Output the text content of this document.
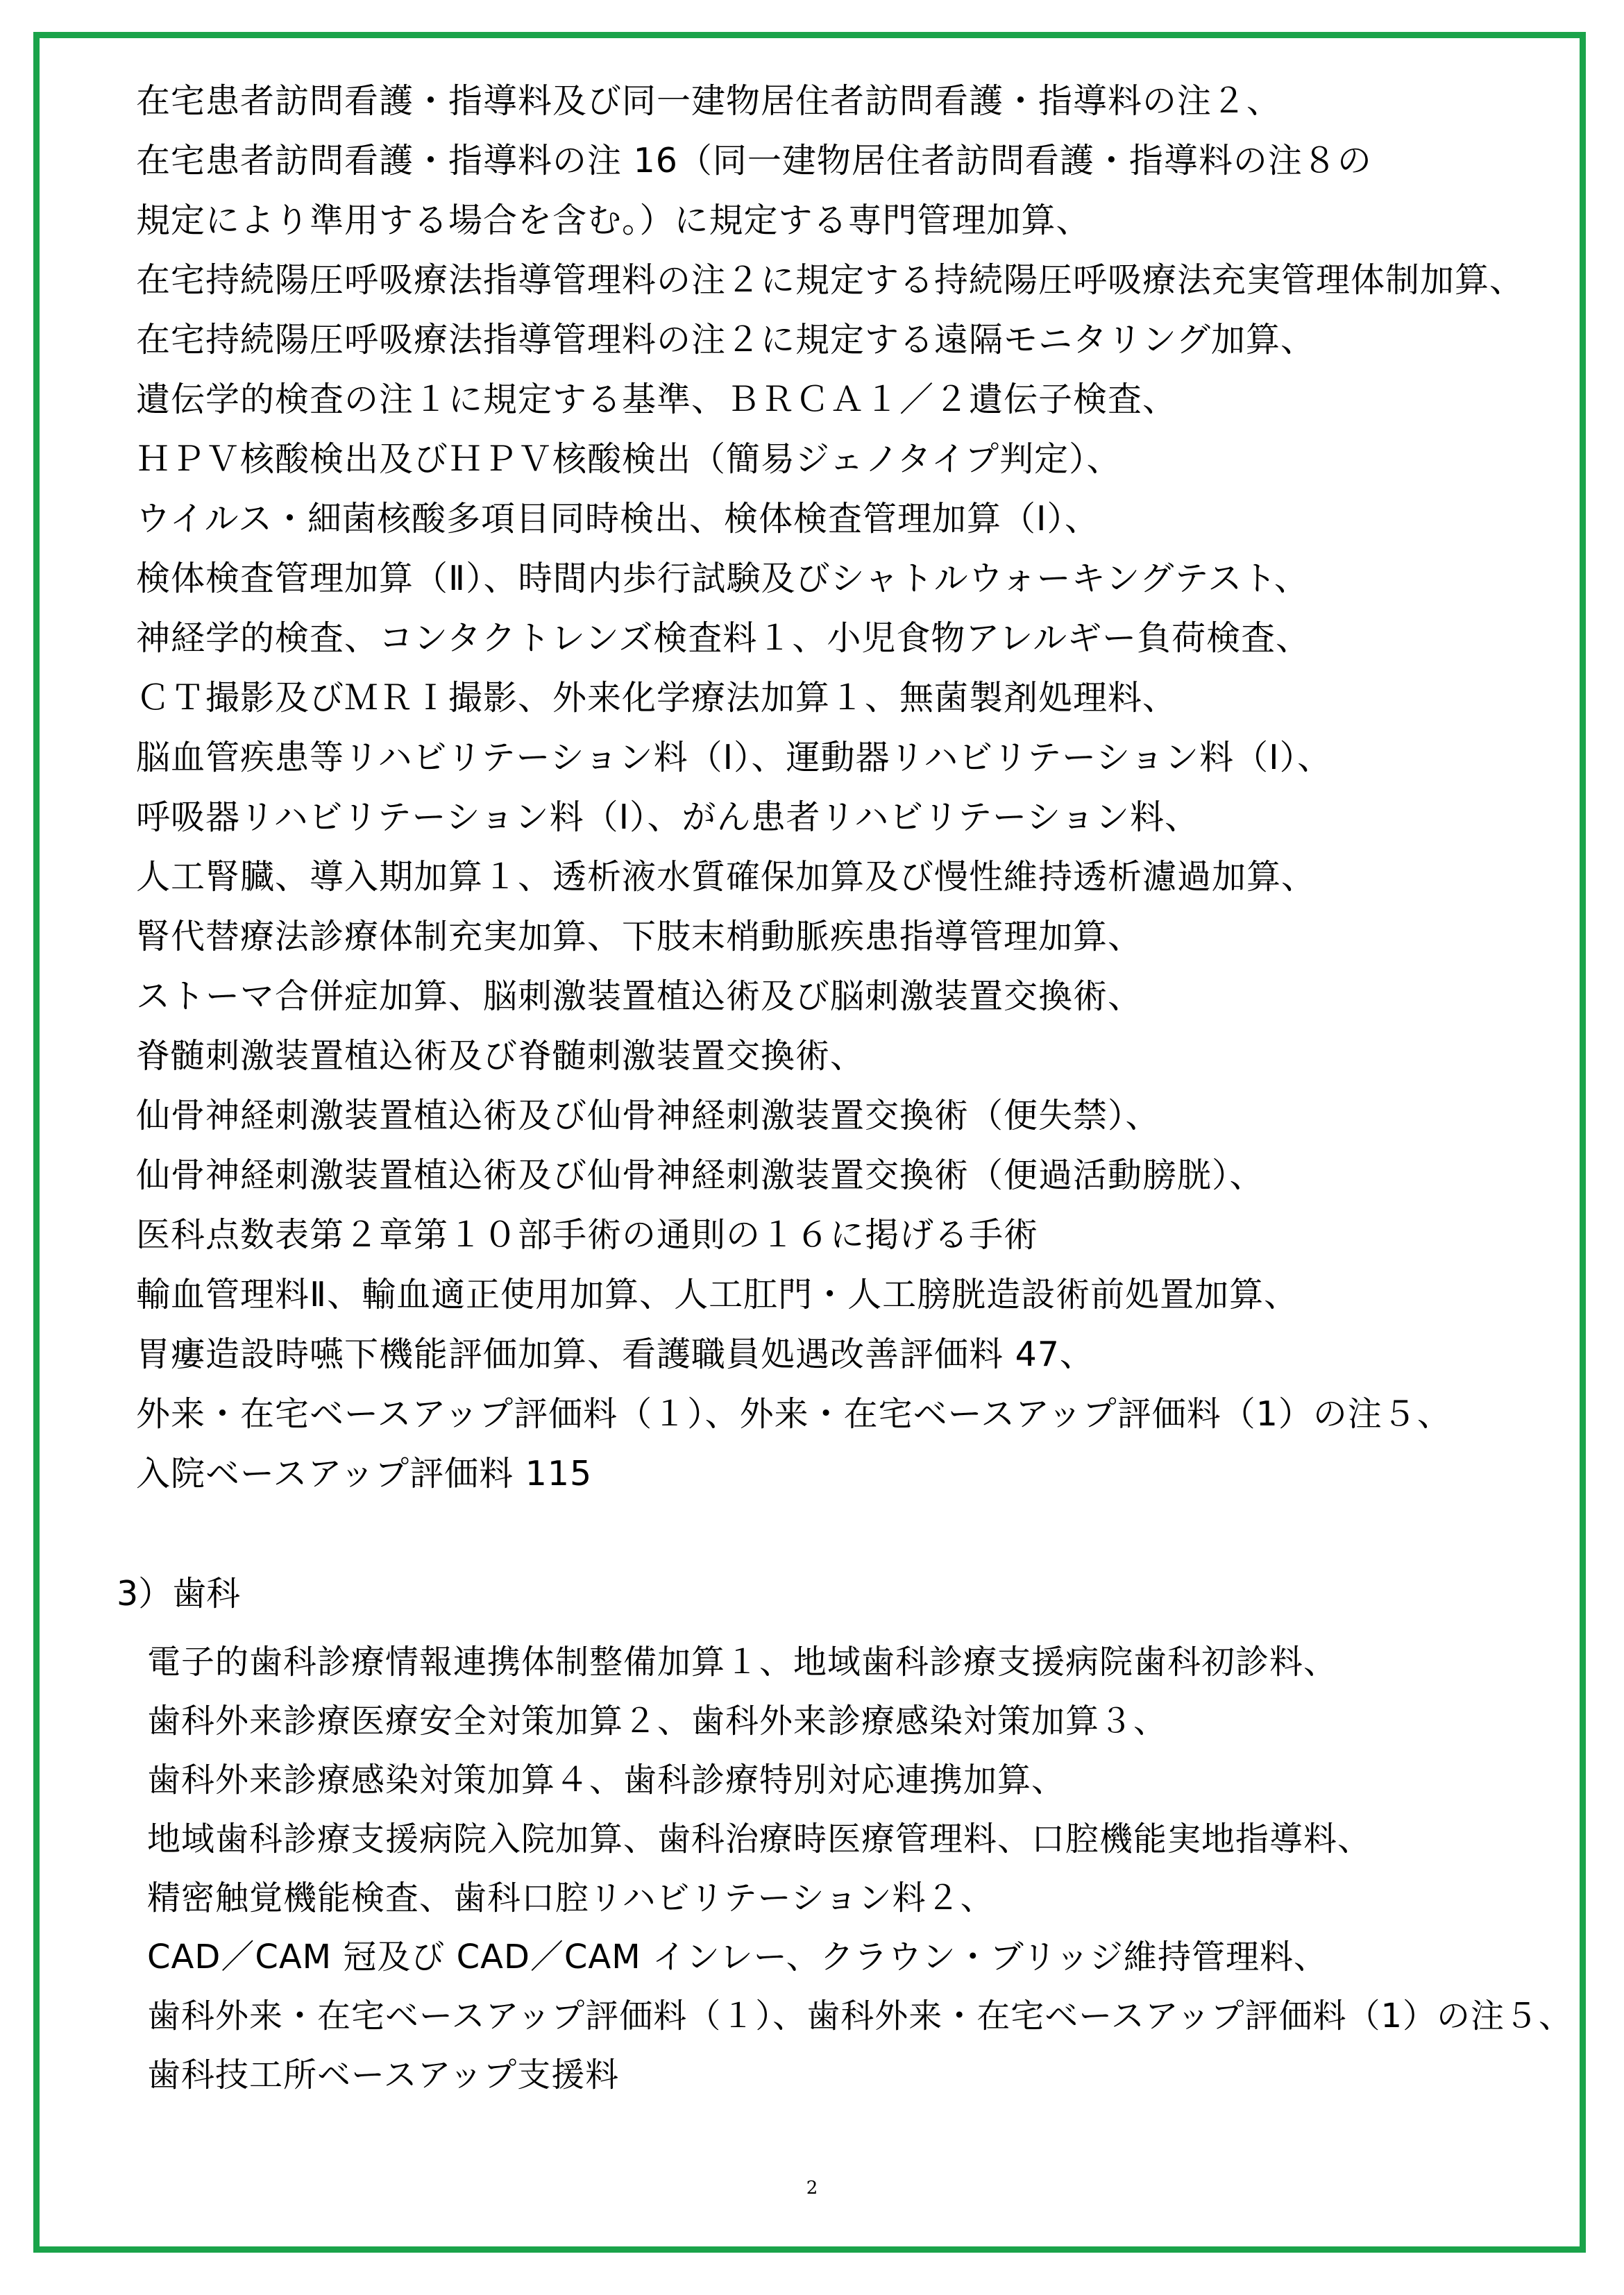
在宅患者訪問看護・指導料及び同一建物居住者訪問看護・指導料の注２、
在宅患者訪問看護・指導料の注 16（同一建物居住者訪問看護・指導料の注８の
規定により準用する場合を含む。）に規定する専門管理加算、
在宅持続陽圧呼吸療法指導管理料の注２に規定する持続陽圧呼吸療法充実管理体制加算、
在宅持続陽圧呼吸療法指導管理料の注２に規定する遠隔モニタリング加算、
遺伝学的検査の注１に規定する基準、ＢＲＣＡ１／２遺伝子検査、
ＨＰＶ核酸検出及びＨＰＶ核酸検出（簡易ジェノタイプ判定）、
ウイルス・細菌核酸多項目同時検出、検体検査管理加算（Ⅰ）、
検体検査管理加算（Ⅱ）、時間内歩行試験及びシャトルウォーキングテスト、
神経学的検査、コンタクトレンズ検査料１、小児食物アレルギー負荷検査、
ＣＴ撮影及びＭＲＩ撮影、外来化学療法加算１、無菌製剤処理料、
脳血管疾患等リハビリテーション料（Ⅰ）、運動器リハビリテーション料（Ⅰ）、
呼吸器リハビリテーション料（Ⅰ）、がん患者リハビリテーション料、
人工腎臓、導入期加算１、透析液水質確保加算及び慢性維持透析濾過加算、
腎代替療法診療体制充実加算、下肢末梢動脈疾患指導管理加算、
ストーマ合併症加算、脳刺激装置植込術及び脳刺激装置交換術、
脊髄刺激装置植込術及び脊髄刺激装置交換術、
仙骨神経刺激装置植込術及び仙骨神経刺激装置交換術（便失禁）、
仙骨神経刺激装置植込術及び仙骨神経刺激装置交換術（便過活動膀胱）、
医科点数表第２章第１０部手術の通則の１６に掲げる手術
輸血管理料Ⅱ、輸血適正使用加算、人工肛門・人工膀胱造設術前処置加算、
胃瘻造設時嚥下機能評価加算、看護職員処遇改善評価料 47、
外来・在宅ベースアップ評価料（１）、外来・在宅ベースアップ評価料（1）の注５、
入院ベースアップ評価料 115
3）歯科
電子的歯科診療情報連携体制整備加算１、地域歯科診療支援病院歯科初診料、
歯科外来診療医療安全対策加算２、歯科外来診療感染対策加算３、
歯科外来診療感染対策加算４、歯科診療特別対応連携加算、
地域歯科診療支援病院入院加算、歯科治療時医療管理料、口腔機能実地指導料、
精密触覚機能検査、歯科口腔リハビリテーション料２、
CAD／CAM 冠及び CAD／CAM インレー、クラウン・ブリッジ維持管理料、
歯科外来・在宅ベースアップ評価料（１）、歯科外来・在宅ベースアップ評価料（1）の注５、
歯科技工所ベースアップ支援料
2
